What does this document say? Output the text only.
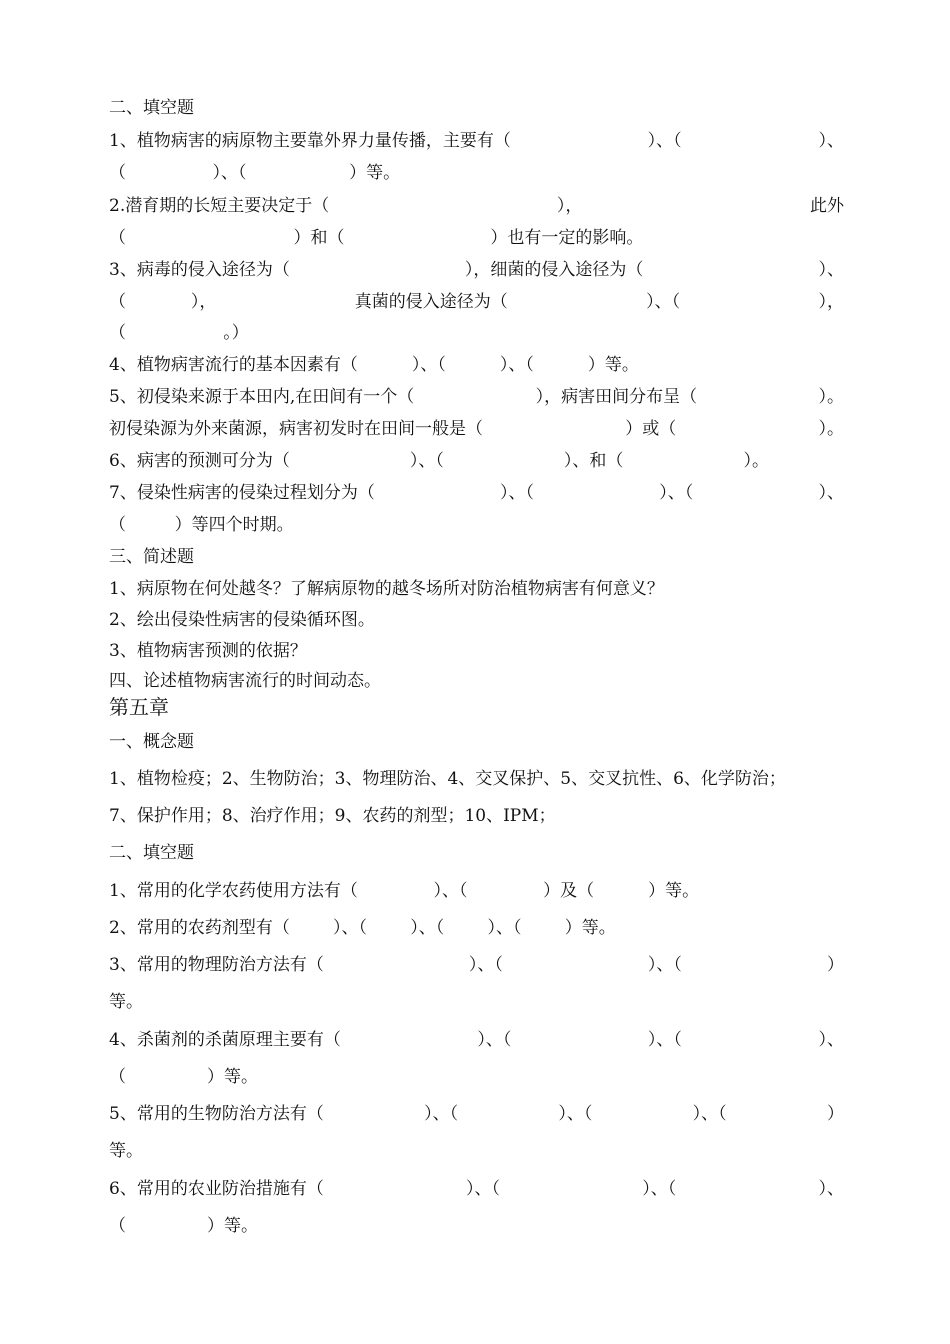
二、填空题
1、植物病害的病原物主要靠外界力量传播，主要有（	）、（	）、
（                ）、（                   ）等。
2.潜育期的长短主要决定于（	），	此外
（                               ）和（                           ）也有一定的影响。
3、病毒的侵入途径为（	），细菌的侵入途径为（	）、
（            ），	真菌的侵入途径为（	）、（	），
（                  。）
4、植物病害流行的基本因素有（          ）、（          ）、（          ）等。
5、初侵染来源于本田内,在田间有一个（	），病害田间分布呈（	）。
初侵染源为外来菌源，病害初发时在田间一般是（	）或（	）。
6、病害的预测可分为（	）、（	）、和（	）。
7、侵染性病害的侵染过程划分为（	）、（	）、（	）、
（         ）等四个时期。
三、简述题
1、病原物在何处越冬？了解病原物的越冬场所对防治植物病害有何意义？
2、绘出侵染性病害的侵染循环图。
3、植物病害预测的依据？
四、论述植物病害流行的时间动态。
第五章
一、概念题
1、植物检疫；2、生物防治；3、物理防治、4、交叉保护、5、交叉抗性、6、化学防治；
7、保护作用；8、治疗作用；9、农药的剂型；10、IPM；
二、填空题
1、常用的化学农药使用方法有（              ）、（              ）及（          ）等。
2、常用的农药剂型有（        ）、（        ）、（        ）、（        ）等。
3、常用的物理防治方法有（	）、（	）、（	）
等。
4、杀菌剂的杀菌原理主要有（	）、（	）、（	）、
（               ）等。
5、常用的生物防治方法有（	）、（	）、（	）、（	）
等。
6、常用的农业防治措施有（	）、（	）、（	）、
（               ）等。
